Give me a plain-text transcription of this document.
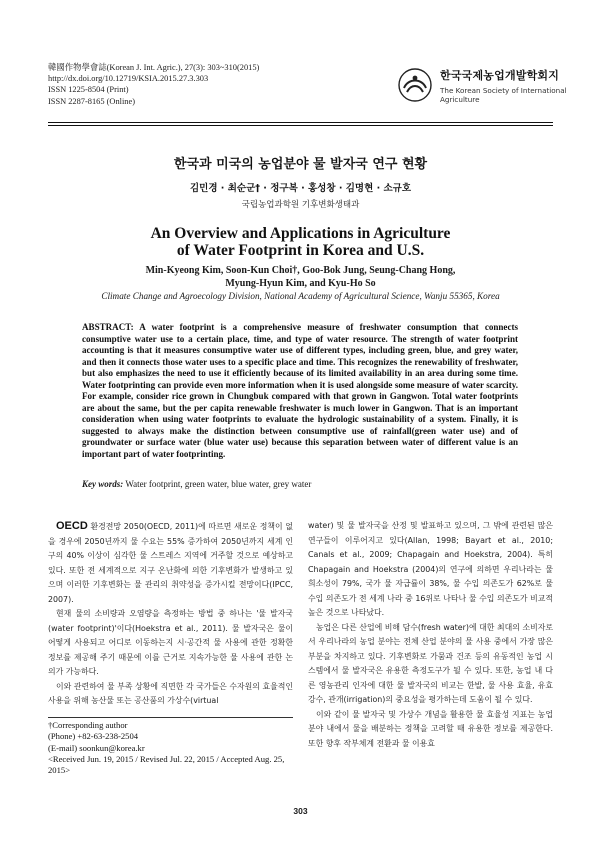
韓國作物學會誌(Korean J. Int. Agric.), 27(3): 303~310(2015)
http://dx.doi.org/10.12719/KSIA.2015.27.3.303
ISSN 1225-8504 (Print)
ISSN 2287-8165 (Online)
한국국제농업개발학회지
The Korean Society of International Agriculture
한국과 미국의 농업분야 물 발자국 연구 현황
김민경 · 최순군† · 정구복 · 홍성창 · 김명현 · 소규호
국립농업과학원 기후변화생태과
An Overview and Applications in Agriculture
of Water Footprint in Korea and U.S.
Min-Kyeong Kim, Soon-Kun Choi†, Goo-Bok Jung, Seung-Chang Hong,
Myung-Hyun Kim, and Kyu-Ho So
Climate Change and Agroecology Division, National Academy of Agricultural Science, Wanju 55365, Korea
ABSTRACT: A water footprint is a comprehensive measure of freshwater consumption that connects consumptive water use to a certain place, time, and type of water resource. The strength of water footprint accounting is that it measures consumptive water use of different types, including green, blue, and grey water, and then it connects those water uses to a specific place and time. This recognizes the renewability of freshwater, but also emphasizes the need to use it efficiently because of its limited availability in an area during some time. Water footprinting can provide even more information when it is used alongside some measure of water scarcity. For example, consider rice grown in Chungbuk compared with that grown in Gangwon. Total water footprints are about the same, but the per capita renewable freshwater is much lower in Gangwon. That is an important consideration when using water footprints to evaluate the hydrologic sustainability of a system. Finally, it is suggested to always make the distinction between consumptive use of rainfall(green water use) and of groundwater or surface water (blue water use) because this separation between water of different value is an important part of water footprinting.
Key words: Water footprint, green water, blue water, grey water

OECD 환경전망 2050(OECD, 2011)에 따르면 새로운 정책이 없을 경우에 2050년까지 물 수요는 55% 증가하여 2050년까지 세계 인구의 40% 이상이 심각한 물 스트레스 지역에 거주할 것으로 예상하고 있다. 또한 전 세계적으로 지구 온난화에 의한 기후변화가 발생하고 있으며 이러한 기후변화는 물 관리의 취약성을 증가시킬 전망이다(IPCC, 2007).

현재 물의 소비량과 오염량을 측정하는 방법 중 하나는 '물 발자국(water footprint)'이다(Hoekstra et al., 2011). 물 발자국은 물이 어떻게 사용되고 어디로 이동하는지 시·공간적 물 사용에 관한 정확한 정보를 제공해 주기 때문에 이를 근거로 지속가능한 물 사용에 관한 논의가 가능하다.

이와 관련하여 물 부족 상황에 직면한 각 국가들은 수자원의 효율적인 사용을 위해 농산물 또는 공산품의 가상수(virtual

water) 및 물 발자국을 산정 및 발표하고 있으며, 그 밖에 관련된 많은 연구들이 이루어지고 있다(Allan, 1998; Bayart et al., 2010; Canals et al., 2009; Chapagain and Hoekstra, 2004). 특히 Chapagain and Hoekstra (2004)의 연구에 의하면 우리나라는 물 희소성이 79%, 국가 물 자급률이 38%, 물 수입 의존도가 62%로 물 수입 의존도가 전 세계 나라 중 16위로 나타나 물 수입 의존도가 비교적 높은 것으로 나타났다.

농업은 다른 산업에 비해 담수(fresh water)에 대한 최대의 소비자로서 우리나라의 농업 분야는 전체 산업 분야의 물 사용 중에서 가장 많은 부분을 차지하고 있다. 기후변화로 가뭄과 건조 등의 유동적인 농업 시스템에서 물 발자국은 유용한 측정도구가 될 수 있다. 또한, 농업 내 다른 영농관리 인자에 대한 물 발자국의 비교는 한발, 물 사용 효율, 유효강수, 관개(irrigation)의 중요성을 평가하는데 도움이 될 수 있다.

이와 같이 물 발자국 및 가상수 개념을 활용한 물 효율성 지표는 농업분야 내에서 물을 배분하는 정책을 고려할 때 유용한 정보를 제공한다. 또한 향후 작부체계 전환과 물 이용효

†Corresponding author
(Phone) +82-63-238-2504
(E-mail) soonkun@korea.kr
<Received Jun. 19, 2015 / Revised Jul. 22, 2015 / Accepted Aug. 25, 2015>
303
